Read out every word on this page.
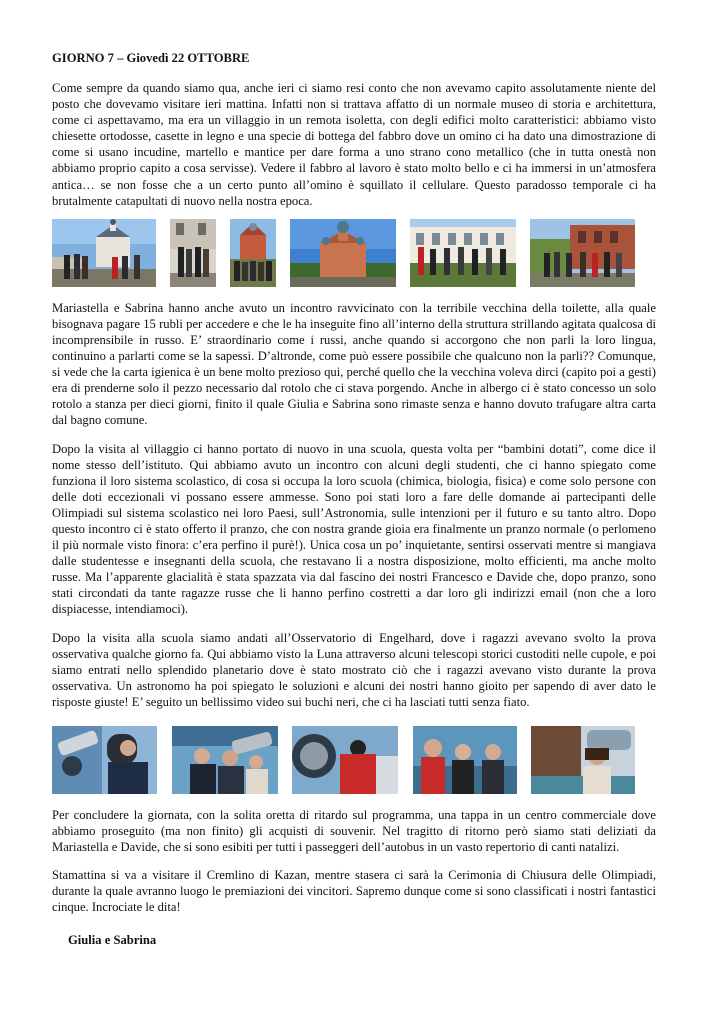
GIORNO 7 – Giovedì 22 OTTOBRE

Come sempre da quando siamo qua, anche ieri ci siamo resi conto che non avevamo capito assolutamente niente del posto che dovevamo visitare ieri mattina. Infatti non si trattava affatto di un normale museo di storia e architettura, come ci aspettavamo, ma era un villaggio in un remota isoletta, con degli edifici molto caratteristici: abbiamo visto chiesette ortodosse, casette in legno e una specie di bottega del fabbro dove un omino ci ha dato una dimostrazione di come si usano incudine, martello e mantice per dare forma a uno strano cono metallico (che in tutta onestà non abbiamo proprio capito a cosa servisse). Vedere il fabbro al lavoro è stato molto bello e ci ha immersi in un’atmosfera antica… se non fosse che a un certo punto all’omino è squillato il cellulare. Questo paradosso temporale ci ha brutalmente catapultati di nuovo nella nostra epoca.

Mariastella e Sabrina hanno anche avuto un incontro ravvicinato con la terribile vecchina della toilette, alla quale bisognava pagare 15 rubli per accedere e che le ha inseguite fino all’interno della struttura strillando agitata qualcosa di incomprensibile in russo. E’ straordinario come i russi, anche quando si accorgono che non parli la loro lingua, continuino a parlarti come se la sapessi. D’altronde, come può essere possibile che qualcuno non la parli?? Comunque, si vede che la carta igienica è un bene molto prezioso qui, perché quello che la vecchina voleva dirci (capito poi a gesti) era di prenderne solo il pezzo necessario dal rotolo che ci stava porgendo. Anche in albergo ci è stato concesso un solo rotolo a stanza per dieci giorni, finito il quale Giulia e Sabrina sono rimaste senza e hanno dovuto trafugare altra carta dal bagno comune.

Dopo la visita al villaggio ci hanno portato di nuovo in una scuola, questa volta per “bambini dotati”, come dice il nome stesso dell’istituto. Qui abbiamo avuto un incontro con alcuni degli studenti, che ci hanno spiegato come funziona il loro sistema scolastico, di cosa si occupa la loro scuola (chimica, biologia, fisica) e come solo persone con delle doti eccezionali vi possano essere ammesse. Sono poi stati loro a fare delle domande ai partecipanti delle Olimpiadi sul sistema scolastico nei loro Paesi, sull’Astronomia, sulle intenzioni per il futuro e su tanto altro. Dopo questo incontro ci è stato offerto il pranzo, che con nostra grande gioia era finalmente un pranzo normale (o perlomeno il più normale visto finora: c’era perfino il purè!). Unica cosa un po’ inquietante, sentirsi osservati mentre si mangiava dalle studentesse e insegnanti della scuola, che restavano lì a nostra disposizione, molto efficienti, ma anche molto russe. Ma l’apparente glacialità è stata spazzata via dal fascino dei nostri Francesco e Davide che, dopo pranzo, sono stati circondati da tante ragazze russe che li hanno perfino costretti a dar loro gli indirizzi email (non che a loro dispiacesse, intendiamoci).

Dopo la visita alla scuola siamo andati all’Osservatorio di Engelhard, dove i ragazzi avevano svolto la prova osservativa qualche giorno fa. Qui abbiamo visto la Luna attraverso alcuni telescopi storici custoditi nelle cupole, e poi siamo entrati nello splendido planetario dove è stato mostrato ciò che i ragazzi avevano visto durante la prova osservativa. Un astronomo ha poi spiegato le soluzioni e alcuni dei nostri hanno gioito per sapendo di aver dato le risposte giuste! E’ seguito un bellissimo video sui buchi neri, che ci ha lasciati tutti senza fiato.

Per concludere la giornata, con la solita oretta di ritardo sul programma, una tappa in un centro commerciale dove abbiamo proseguito (ma non finito) gli acquisti di souvenir. Nel tragitto di ritorno però siamo stati deliziati da Mariastella e Davide, che si sono esibiti per tutti i passeggeri dell’autobus in un vasto repertorio di canti natalizi.

Stamattina si va a visitare il Cremlino di Kazan, mentre stasera ci sarà la Cerimonia di Chiusura delle Olimpiadi, durante la quale avranno luogo le premiazioni dei vincitori. Sapremo dunque come si sono classificati i nostri fantastici cinque. Incrociate le dita!

Giulia e Sabrina
